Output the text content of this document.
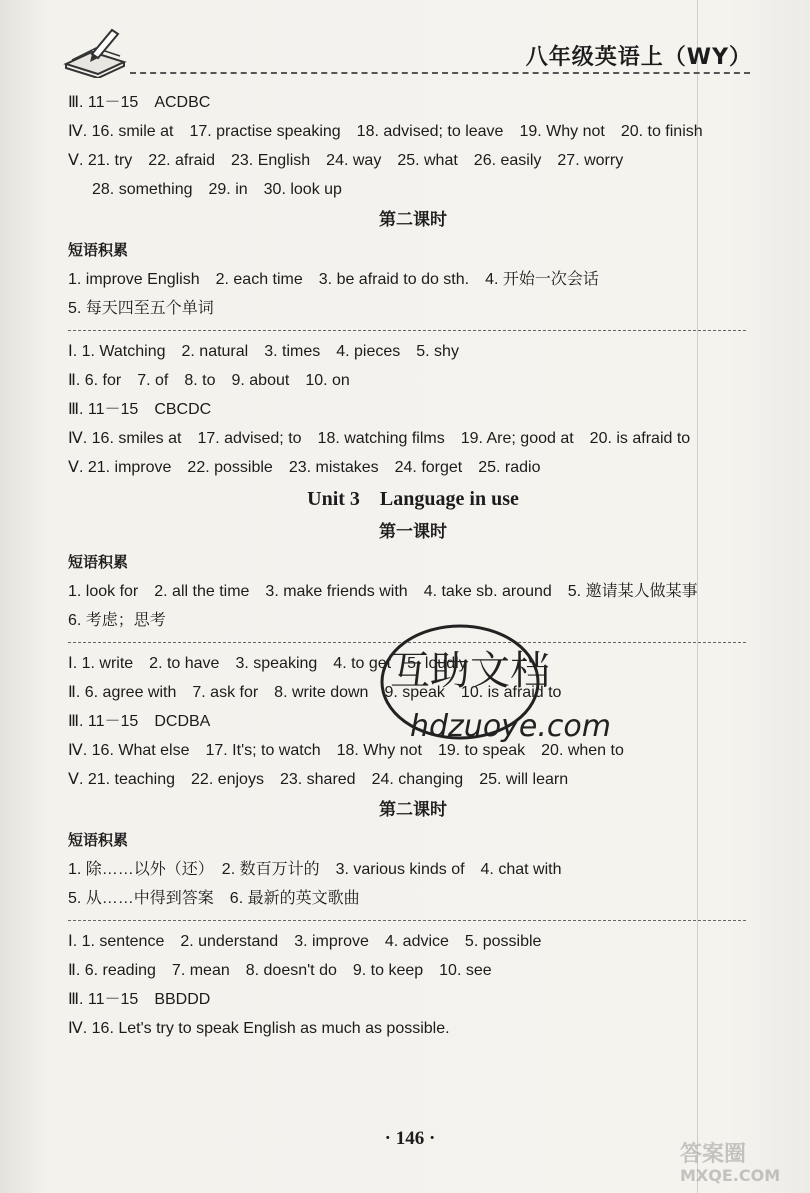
八年级英语上（WY）
Ⅲ. 11－15　ACDBC
Ⅳ. 16. smile at　17. practise speaking　18. advised; to leave　19. Why not　20. to finish
Ⅴ. 21. try　22. afraid　23. English　24. way　25. what　26. easily　27. worry
28. something　29. in　30. look up
第二课时
短语积累
1. improve English　2. each time　3. be afraid to do sth.　4. 开始一次会话
5. 每天四至五个单词
Ⅰ. 1. Watching　2. natural　3. times　4. pieces　5. shy
Ⅱ. 6. for　7. of　8. to　9. about　10. on
Ⅲ. 11－15　CBCDC
Ⅳ. 16. smiles at　17. advised; to　18. watching films　19. Are; good at　20. is afraid to
Ⅴ. 21. improve　22. possible　23. mistakes　24. forget　25. radio
Unit 3　Language in use
第一课时
短语积累
1. look for　2. all the time　3. make friends with　4. take sb. around　5. 邀请某人做某事
6. 考虑；思考
Ⅰ. 1. write　2. to have　3. speaking　4. to get　5. loudly
Ⅱ. 6. agree with　7. ask for　8. write down　9. speak　10. is afraid to
Ⅲ. 11－15　DCDBA
Ⅳ. 16. What else　17. It's; to watch　18. Why not　19. to speak　20. when to
Ⅴ. 21. teaching　22. enjoys　23. shared　24. changing　25. will learn
第二课时
短语积累
1. 除……以外（还）　2. 数百万计的　3. various kinds of　4. chat with
5. 从……中得到答案　6. 最新的英文歌曲
Ⅰ. 1. sentence　2. understand　3. improve　4. advice　5. possible
Ⅱ. 6. reading　7. mean　8. doesn't do　9. to keep　10. see
Ⅲ. 11－15　BBDDD
Ⅳ. 16. Let's try to speak English as much as possible.
互助文档
hdzuoye.com
· 146 ·
答案圈
MXQE.COM
